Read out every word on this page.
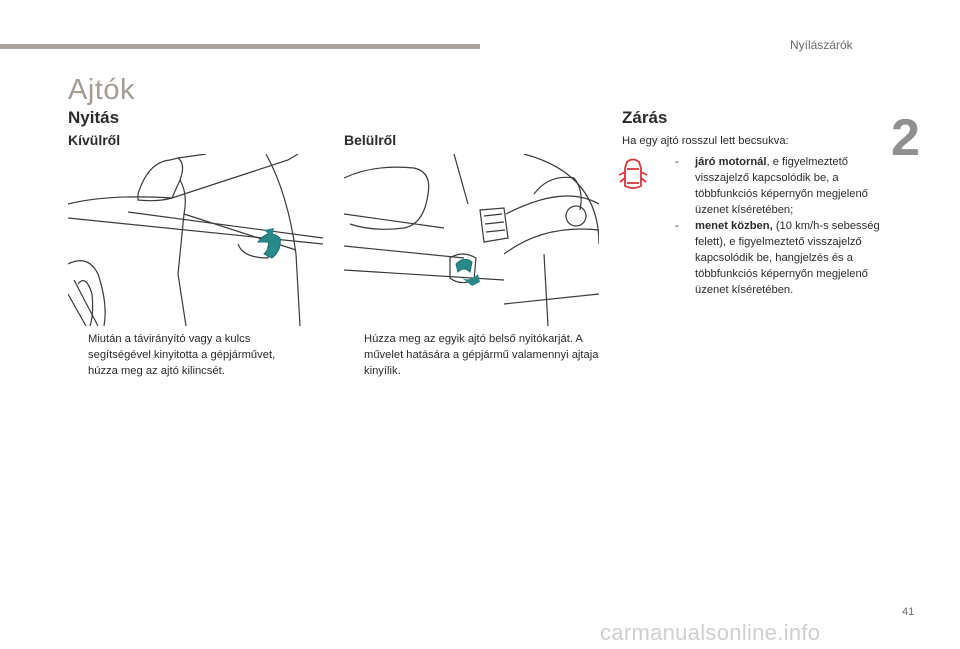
Nyílászárók
2
Ajtók
Nyitás
Kívülről	Belülről
Zárás
Miután a távirányító vagy a kulcs segítségével kinyitotta a gépjárművet, húzza meg az ajtó kilincsét.
Húzza meg az egyik ajtó belső nyitókarját. A művelet hatására a gépjármű valamennyi ajtaja kinyílik.
Ha egy ajtó rosszul lett becsukva:
- járó motornál, e figyelmeztető visszajelző kapcsolódik be, a többfunkciós képernyőn megjelenő üzenet kíséretében;
- menet közben, (10 km/h-s sebesség felett), e figyelmeztető visszajelző kapcsolódik be, hangjelzés és a többfunkciós képernyőn megjelenő üzenet kíséretében.
41
carmanualsonline.info
